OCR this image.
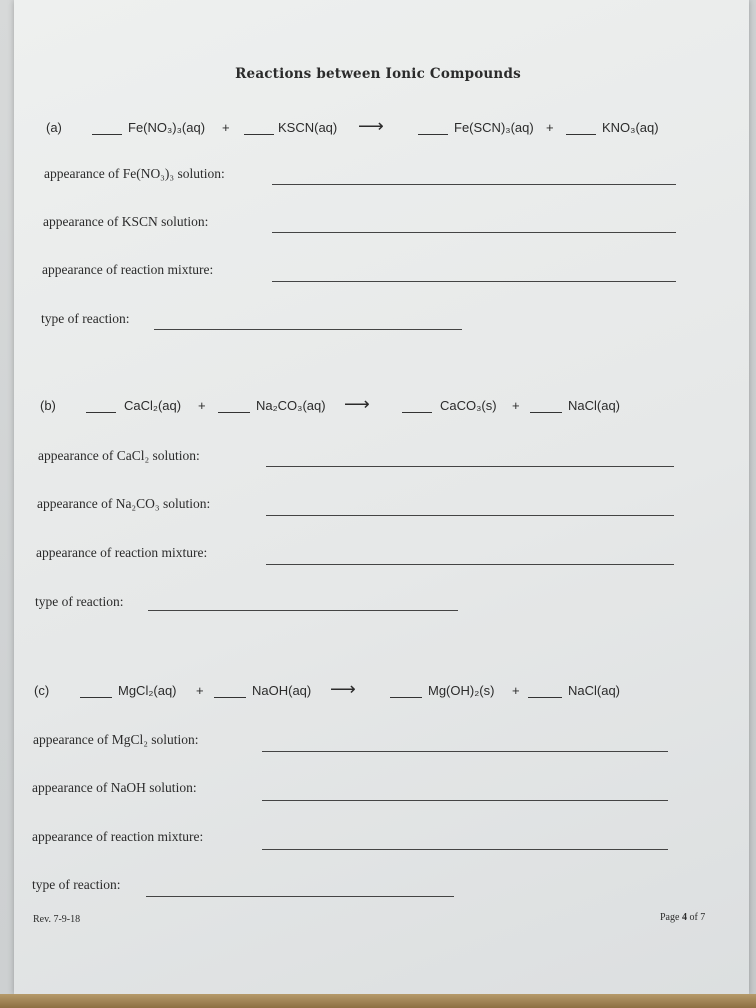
Reactions between Ionic Compounds
(a)	Fe(NO₃)₃(aq) +	KSCN(aq) ⟶	Fe(SCN)₃(aq) +	KNO₃(aq)
appearance of Fe(NO₃)₃ solution:
appearance of KSCN solution:
appearance of reaction mixture:
type of reaction:
(b)	CaCl₂(aq) +	Na₂CO₃(aq) ⟶	CaCO₃(s) +	NaCl(aq)
appearance of CaCl₂ solution:
appearance of Na₂CO₃ solution:
appearance of reaction mixture:
type of reaction:
(c)	MgCl₂(aq) +	NaOH(aq) ⟶	Mg(OH)₂(s) +	NaCl(aq)
appearance of MgCl₂ solution:
appearance of NaOH solution:
appearance of reaction mixture:
type of reaction:
Rev. 7-9-18	Page 4 of 7
